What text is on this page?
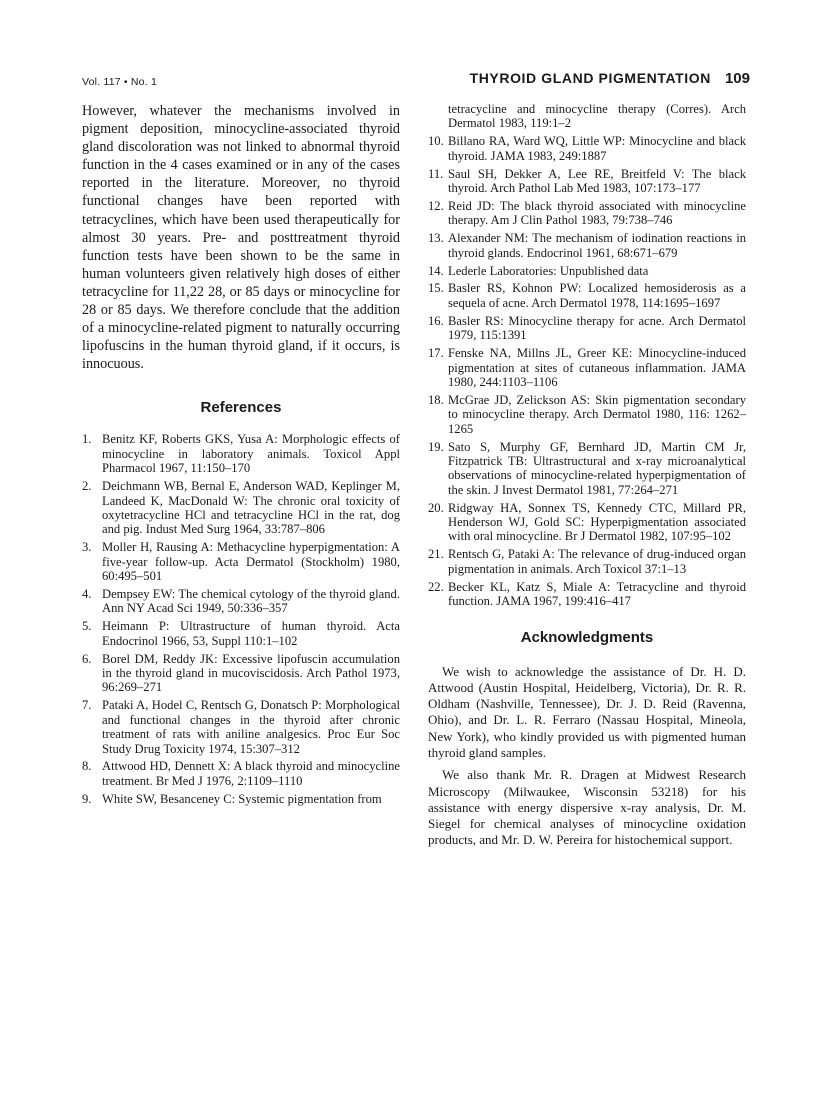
Vol. 117 • No. 1	THYROID GLAND PIGMENTATION 109

However, whatever the mechanisms involved in pigment deposition, minocycline-associated thyroid gland discoloration was not linked to abnormal thyroid function in the 4 cases examined or in any of the cases reported in the literature. Moreover, no thyroid functional changes have been reported with tetracyclines, which have been used therapeutically for almost 30 years. Pre- and posttreatment thyroid function tests have been shown to be the same in human volunteers given relatively high doses of either tetracycline for 11,22 28, or 85 days or minocycline for 28 or 85 days. We therefore conclude that the addition of a minocycline-related pigment to naturally occurring lipofuscins in the human thyroid gland, if it occurs, is innocuous.

References
1. Benitz KF, Roberts GKS, Yusa A: Morphologic effects of minocycline in laboratory animals. Toxicol Appl Pharmacol 1967, 11:150–170
2. Deichmann WB, Bernal E, Anderson WAD, Keplinger M, Landeed K, MacDonald W: The chronic oral toxicity of oxytetracycline HCl and tetracycline HCl in the rat, dog and pig. Indust Med Surg 1964, 33:787–806
3. Moller H, Rausing A: Methacycline hyperpigmentation: A five-year follow-up. Acta Dermatol (Stockholm) 1980, 60:495–501
4. Dempsey EW: The chemical cytology of the thyroid gland. Ann NY Acad Sci 1949, 50:336–357
5. Heimann P: Ultrastructure of human thyroid. Acta Endocrinol 1966, 53, Suppl 110:1–102
6. Borel DM, Reddy JK: Excessive lipofuscin accumulation in the thyroid gland in mucoviscidosis. Arch Pathol 1973, 96:269–271
7. Pataki A, Hodel C, Rentsch G, Donatsch P: Morphological and functional changes in the thyroid after chronic treatment of rats with aniline analgesics. Proc Eur Soc Study Drug Toxicity 1974, 15:307–312
8. Attwood HD, Dennett X: A black thyroid and minocycline treatment. Br Med J 1976, 2:1109–1110
9. White SW, Besanceney C: Systemic pigmentation from
tetracycline and minocycline therapy (Corres). Arch Dermatol 1983, 119:1–2
10. Billano RA, Ward WQ, Little WP: Minocycline and black thyroid. JAMA 1983, 249:1887
11. Saul SH, Dekker A, Lee RE, Breitfeld V: The black thyroid. Arch Pathol Lab Med 1983, 107:173–177
12. Reid JD: The black thyroid associated with minocycline therapy. Am J Clin Pathol 1983, 79:738–746
13. Alexander NM: The mechanism of iodination reactions in thyroid glands. Endocrinol 1961, 68:671–679
14. Lederle Laboratories: Unpublished data
15. Basler RS, Kohnon PW: Localized hemosiderosis as a sequela of acne. Arch Dermatol 1978, 114:1695–1697
16. Basler RS: Minocycline therapy for acne. Arch Dermatol 1979, 115:1391
17. Fenske NA, Millns JL, Greer KE: Minocycline-induced pigmentation at sites of cutaneous inflammation. JAMA 1980, 244:1103–1106
18. McGrae JD, Zelickson AS: Skin pigmentation secondary to minocycline therapy. Arch Dermatol 1980, 116: 1262–1265
19. Sato S, Murphy GF, Bernhard JD, Martin CM Jr, Fitzpatrick TB: Ultrastructural and x-ray microanalytical observations of minocycline-related hyperpigmentation of the skin. J Invest Dermatol 1981, 77:264–271
20. Ridgway HA, Sonnex TS, Kennedy CTC, Millard PR, Henderson WJ, Gold SC: Hyperpigmentation associated with oral minocycline. Br J Dermatol 1982, 107:95–102
21. Rentsch G, Pataki A: The relevance of drug-induced organ pigmentation in animals. Arch Toxicol 37:1–13
22. Becker KL, Katz S, Miale A: Tetracycline and thyroid function. JAMA 1967, 199:416–417
Acknowledgments

We wish to acknowledge the assistance of Dr. H. D. Attwood (Austin Hospital, Heidelberg, Victoria), Dr. R. R. Oldham (Nashville, Tennessee), Dr. J. D. Reid (Ravenna, Ohio), and Dr. L. R. Ferraro (Nassau Hospital, Mineola, New York), who kindly provided us with pigmented human thyroid gland samples.

We also thank Mr. R. Dragen at Midwest Research Microscopy (Milwaukee, Wisconsin 53218) for his assistance with energy dispersive x-ray analysis, Dr. M. Siegel for chemical analyses of minocycline oxidation products, and Mr. D. W. Pereira for histochemical support.
